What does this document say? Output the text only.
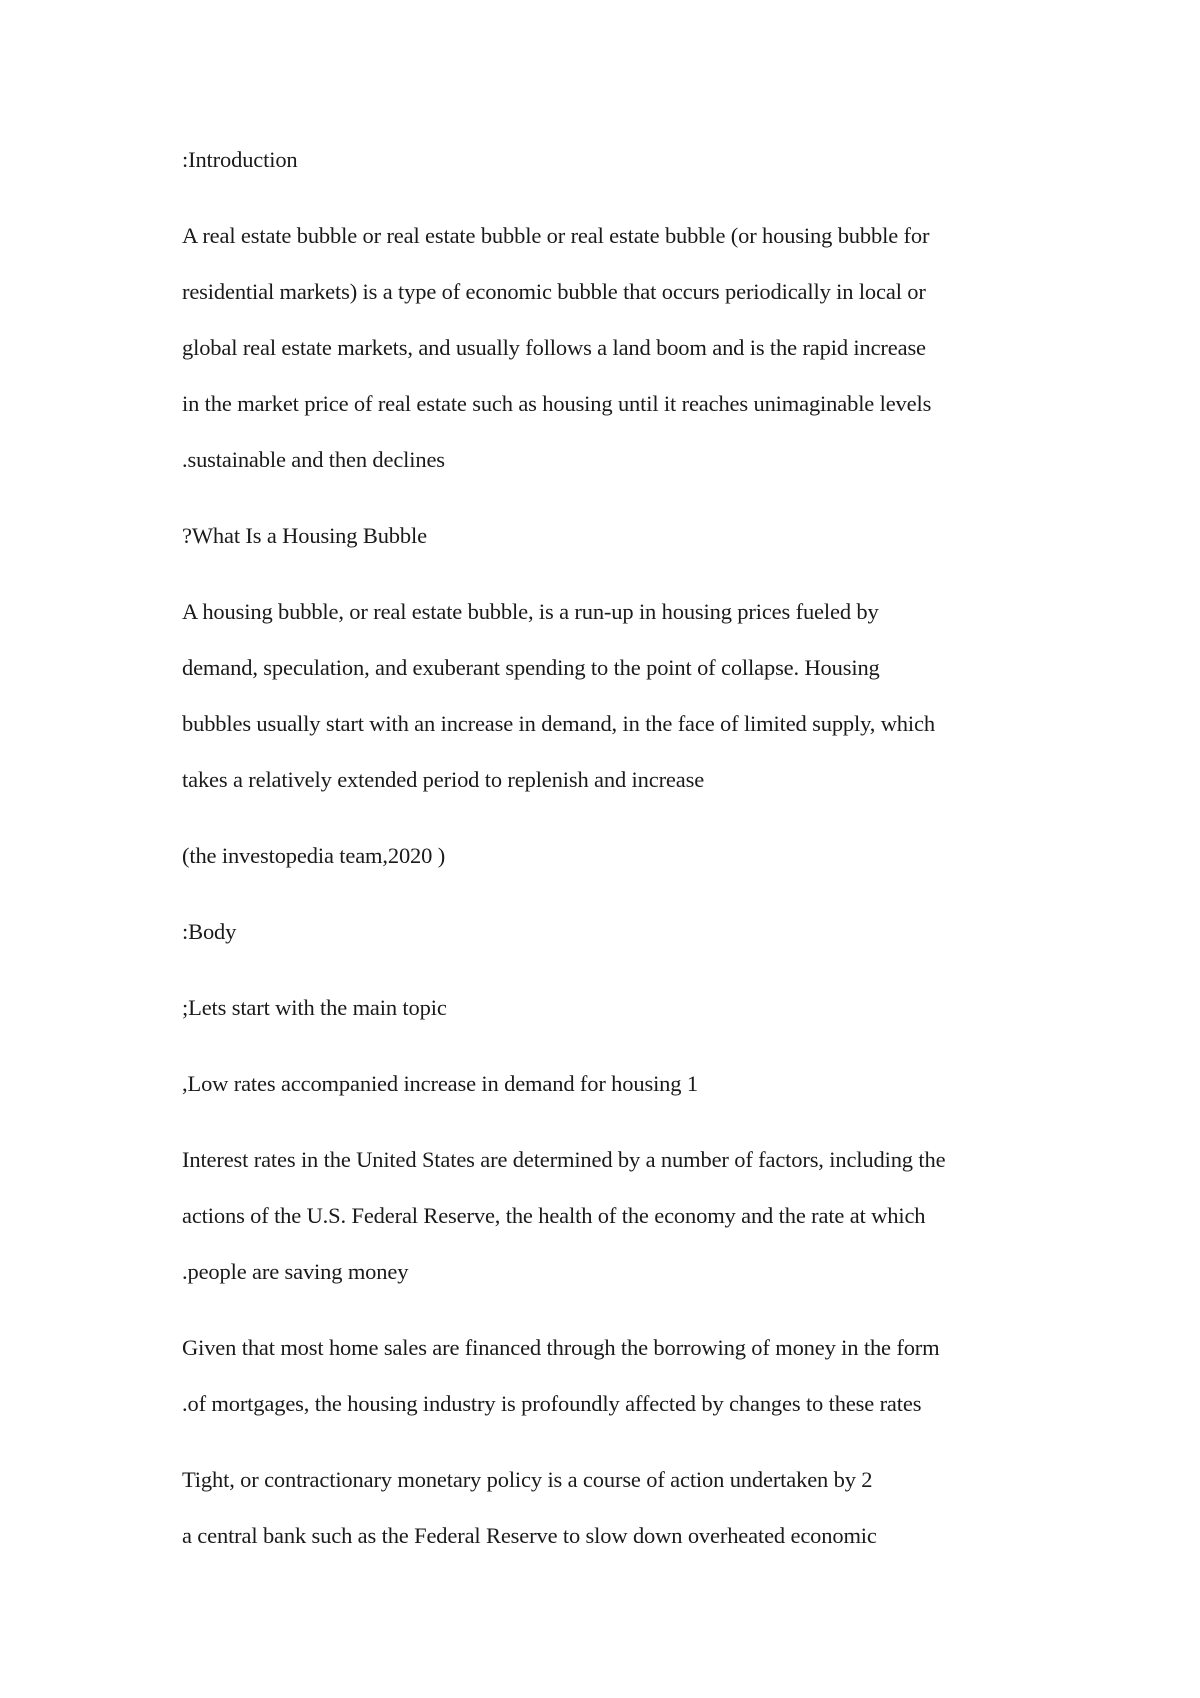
:Introduction
A real estate bubble or real estate bubble or real estate bubble (or housing bubble for
residential markets) is a type of economic bubble that occurs periodically in local or
global real estate markets, and usually follows a land boom and is the rapid increase
in the market price of real estate such as housing until it reaches unimaginable levels
.sustainable and then declines
?What Is a Housing Bubble
A housing bubble, or real estate bubble, is a run-up in housing prices fueled by
demand, speculation, and exuberant spending to the point of collapse. Housing
bubbles usually start with an increase in demand, in the face of limited supply, which
takes a relatively extended period to replenish and increase
(the investopedia team,2020 )
:Body
;Lets start with the main topic
,Low rates accompanied increase in demand for housing 1
Interest rates in the United States are determined by a number of factors, including the
actions of the U.S. Federal Reserve, the health of the economy and the rate at which
.people are saving money
Given that most home sales are financed through the borrowing of money in the form
.of mortgages, the housing industry is profoundly affected by changes to these rates
Tight, or contractionary monetary policy is a course of action undertaken by 2
a central bank such as the Federal Reserve to slow down overheated economic
